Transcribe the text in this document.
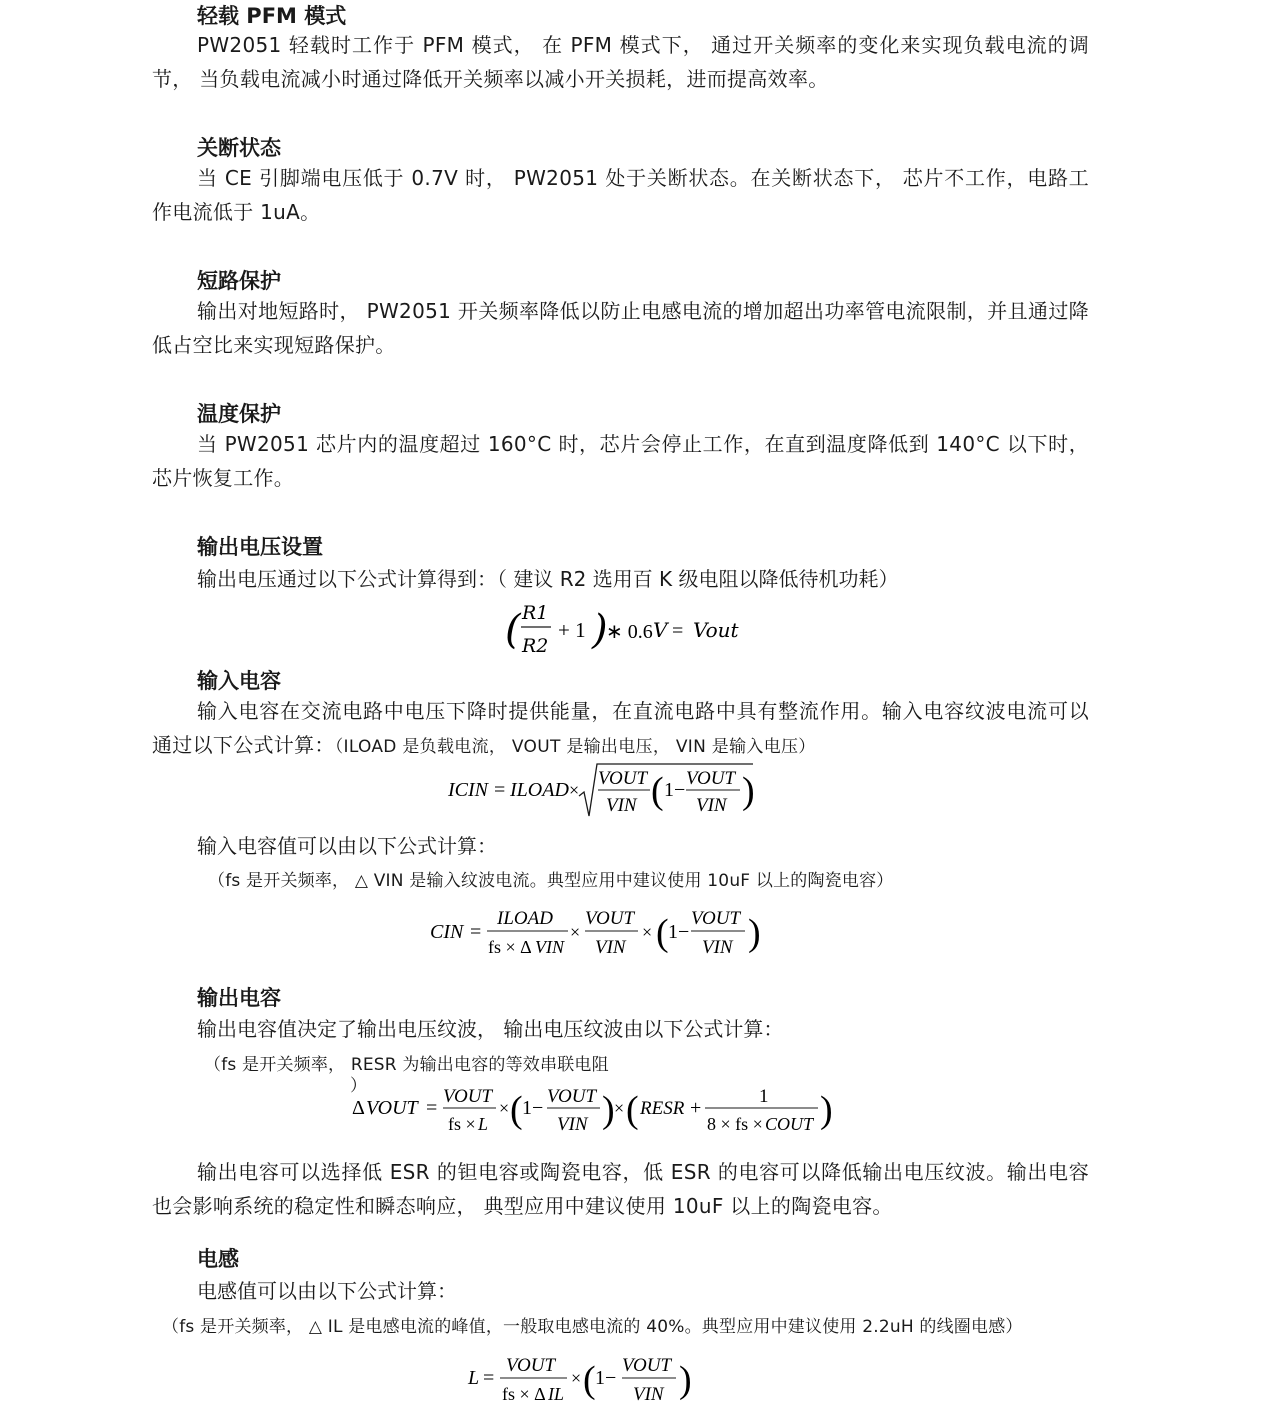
轻载 PFM 模式

PW2051 轻载时工作于 PFM 模式， 在 PFM 模式下， 通过开关频率的变化来实现负载电流的调节， 当负载电流减小时通过降低开关频率以减小开关损耗，进而提高效率。

关断状态

当 CE 引脚端电压低于 0.7V 时， PW2051 处于关断状态。在关断状态下， 芯片不工作，电路工作电流低于 1uA。

短路保护

输出对地短路时， PW2051 开关频率降低以防止电感电流的增加超出功率管电流限制，并且通过降低占空比来实现短路保护。

温度保护

当 PW2051 芯片内的温度超过 160°C 时，芯片会停止工作，在直到温度降低到 140°C 以下时，芯片恢复工作。

输出电压设置

输出电压通过以下公式计算得到：（ 建议 R2 选用百 K 级电阻以降低待机功耗）

( R1
R2
+ 1 )
∗ 0.6 V = Vout
输入电容

输入电容在交流电路中电压下降时提供能量，在直流电路中具有整流作用。输入电容纹波电流可以通过以下公式计算：（ILOAD 是负载电流， VOUT 是输出电压， VIN 是输入电压）

ICIN = ILOAD ×
VOUT
VIN ( 1−
VOUT
VIN )

输入电容值可以由以下公式计算：

（fs 是开关频率， △ VIN 是输入纹波电流。典型应用中建议使用 10uF 以上的陶瓷电容）

CIN =
ILOAD
fs × Δ VIN
×
VOUT
VIN
× ( 1−
VOUT
VIN )
输出电容

输出电容值决定了输出电压纹波， 输出电压纹波由以下公式计算：

（fs 是开关频率， RESR 为输出电容的等效串联电阻

）

Δ VOUT =
VOUT
fs × L
× ( 1−
VOUT
VIN ) × ( RESR +
1
8 × fs × COUT )

输出电容可以选择低 ESR 的钽电容或陶瓷电容，低 ESR 的电容可以降低输出电压纹波。输出电容也会影响系统的稳定性和瞬态响应， 典型应用中建议使用 10uF 以上的陶瓷电容。

电感

电感值可以由以下公式计算：

（fs 是开关频率， △ IL 是电感电流的峰值，一般取电感电流的 40%。典型应用中建议使用 2.2uH 的线圈电感）

L =
VOUT
fs × Δ IL
× ( 1−
VOUT
VIN )
